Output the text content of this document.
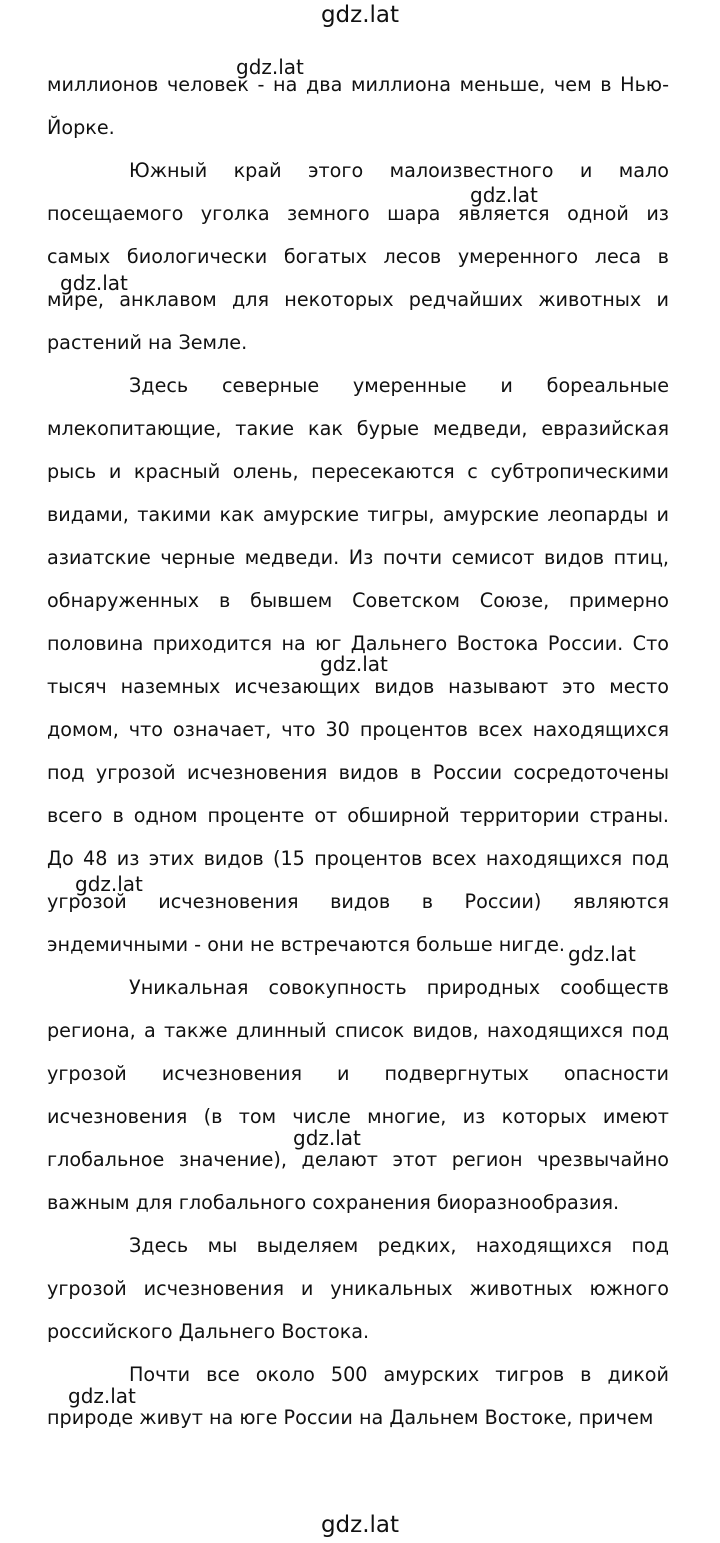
gdz.lat

миллионов человек - на два миллиона меньше, чем в Нью-Йорке.

Южный край этого малоизвестного и мало посещаемого уголка земного шара является одной из самых биологически богатых лесов умеренного леса в мире, анклавом для некоторых редчайших животных и растений на Земле.

Здесь северные умеренные и бореальные млекопитающие, такие как бурые медведи, евразийская рысь и красный олень, пересекаются с субтропическими видами, такими как амурские тигры, амурские леопарды и азиатские черные медведи. Из почти семисот видов птиц, обнаруженных в бывшем Советском Союзе, примерно половина приходится на юг Дальнего Востока России. Сто тысяч наземных исчезающих видов называют это место домом, что означает, что 30 процентов всех находящихся под угрозой исчезновения видов в России сосредоточены всего в одном проценте от обширной территории страны. До 48 из этих видов (15 процентов всех находящихся под угрозой исчезновения видов в России) являются эндемичными - они не встречаются больше нигде.

Уникальная совокупность природных сообществ региона, а также длинный список видов, находящихся под угрозой исчезновения и подвергнутых опасности исчезновения (в том числе многие, из которых имеют глобальное значение), делают этот регион чрезвычайно важным для глобального сохранения биоразнообразия.

Здесь мы выделяем редких, находящихся под угрозой исчезновения и уникальных животных южного российского Дальнего Востока.

Почти все около 500 амурских тигров в дикой природе живут на юге России на Дальнем Востоке, причем

gdz.lat
gdz.lat
gdz.lat
gdz.lat
gdz.lat
gdz.lat
gdz.lat
gdz.lat
gdz.lat
